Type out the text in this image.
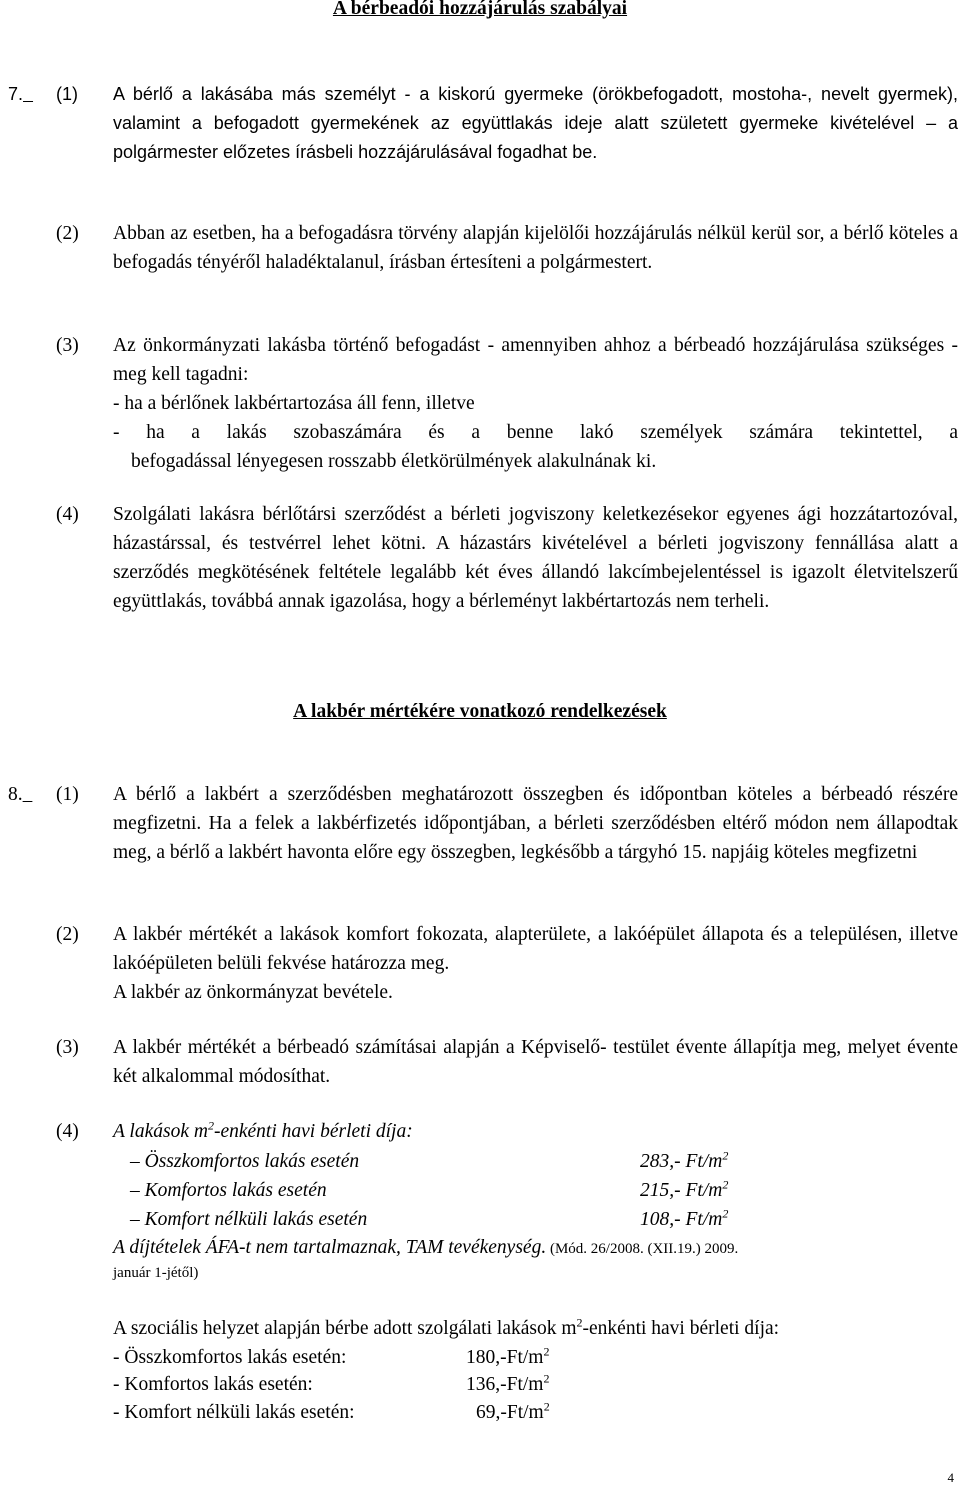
A bérbeadói hozzájárulás szabályai
7.	(1) A bérlő a lakásába más személyt - a kiskorú gyermeke (örökbefogadott, mostoha-, nevelt gyermek), valamint a befogadott gyermekének az együttlakás ideje alatt született gyermeke kivételével – a polgármester előzetes írásbeli hozzájárulásával fogadhat be.
(2) Abban az esetben, ha a befogadásra törvény alapján kijelölői hozzájárulás nélkül kerül sor, a bérlő köteles a befogadás tényéről haladéktalanul, írásban értesíteni a polgármestert.
(3) Az önkormányzati lakásba történő befogadást - amennyiben ahhoz a bérbeadó hozzájárulása szükséges - meg kell tagadni:

- ha a bérlőnek lakbértartozása áll fenn, illetve

- ha a lakás szobaszámára és a benne lakó személyek számára tekintettel, a

befogadással lényegesen rosszabb életkörülmények alakulnának ki.

(4) Szolgálati lakásra bérlőtársi szerződést a bérleti jogviszony keletkezésekor egyenes ági hozzátartozóval, házastárssal, és testvérrel lehet kötni. A házastárs kivételével a bérleti jogviszony fennállása alatt a szerződés megkötésének feltétele legalább két éves állandó lakcímbejelentéssel is igazolt életvitelszerű együttlakás, továbbá annak igazolása, hogy a bérleményt lakbértartozás nem terheli.
A lakbér mértékére vonatkozó rendelkezések
8.	(1) A bérlő a lakbért a szerződésben meghatározott összegben és időpontban köteles a bérbeadó részére megfizetni. Ha a felek a lakbérfizetés időpontjában, a bérleti szerződésben eltérő módon nem állapodtak meg, a bérlő a lakbért havonta előre egy összegben, legkésőbb a tárgyhó 15. napjáig köteles megfizetni
(2) A lakbér mértékét a lakások komfort fokozata, alapterülete, a lakóépület állapota és a településen, illetve lakóépületen belüli fekvése határozza meg.

A lakbér az önkormányzat bevétele.

(3) A lakbér mértékét a bérbeadó számításai alapján a Képviselő- testület évente állapítja meg, melyet évente két alkalommal módosíthat.
(4) A lakások $m^2$-enkénti havi bérleti díja:
– Összkomfortos lakás esetén	283,- $Ft/m^2$
– Komfortos lakás esetén	215,- $Ft/m^2$
– Komfort nélküli lakás esetén	108,- $Ft/m^2$
A díjtételek ÁFA-t nem tartalmaznak, TAM tevékenység. (Mód. 26/2008. (XII.19.) 2009.
január 1-jétől)
A szociális helyzet alapján bérbe adott szolgálati lakások $m^2$-enkénti havi bérleti díja:
- Összkomfortos lakás esetén:	$180,-Ft/m^2$
- Komfortos lakás esetén:	$136,-Ft/m^2$
- Komfort nélküli lakás esetén:	$69,-Ft/m^2$
4
